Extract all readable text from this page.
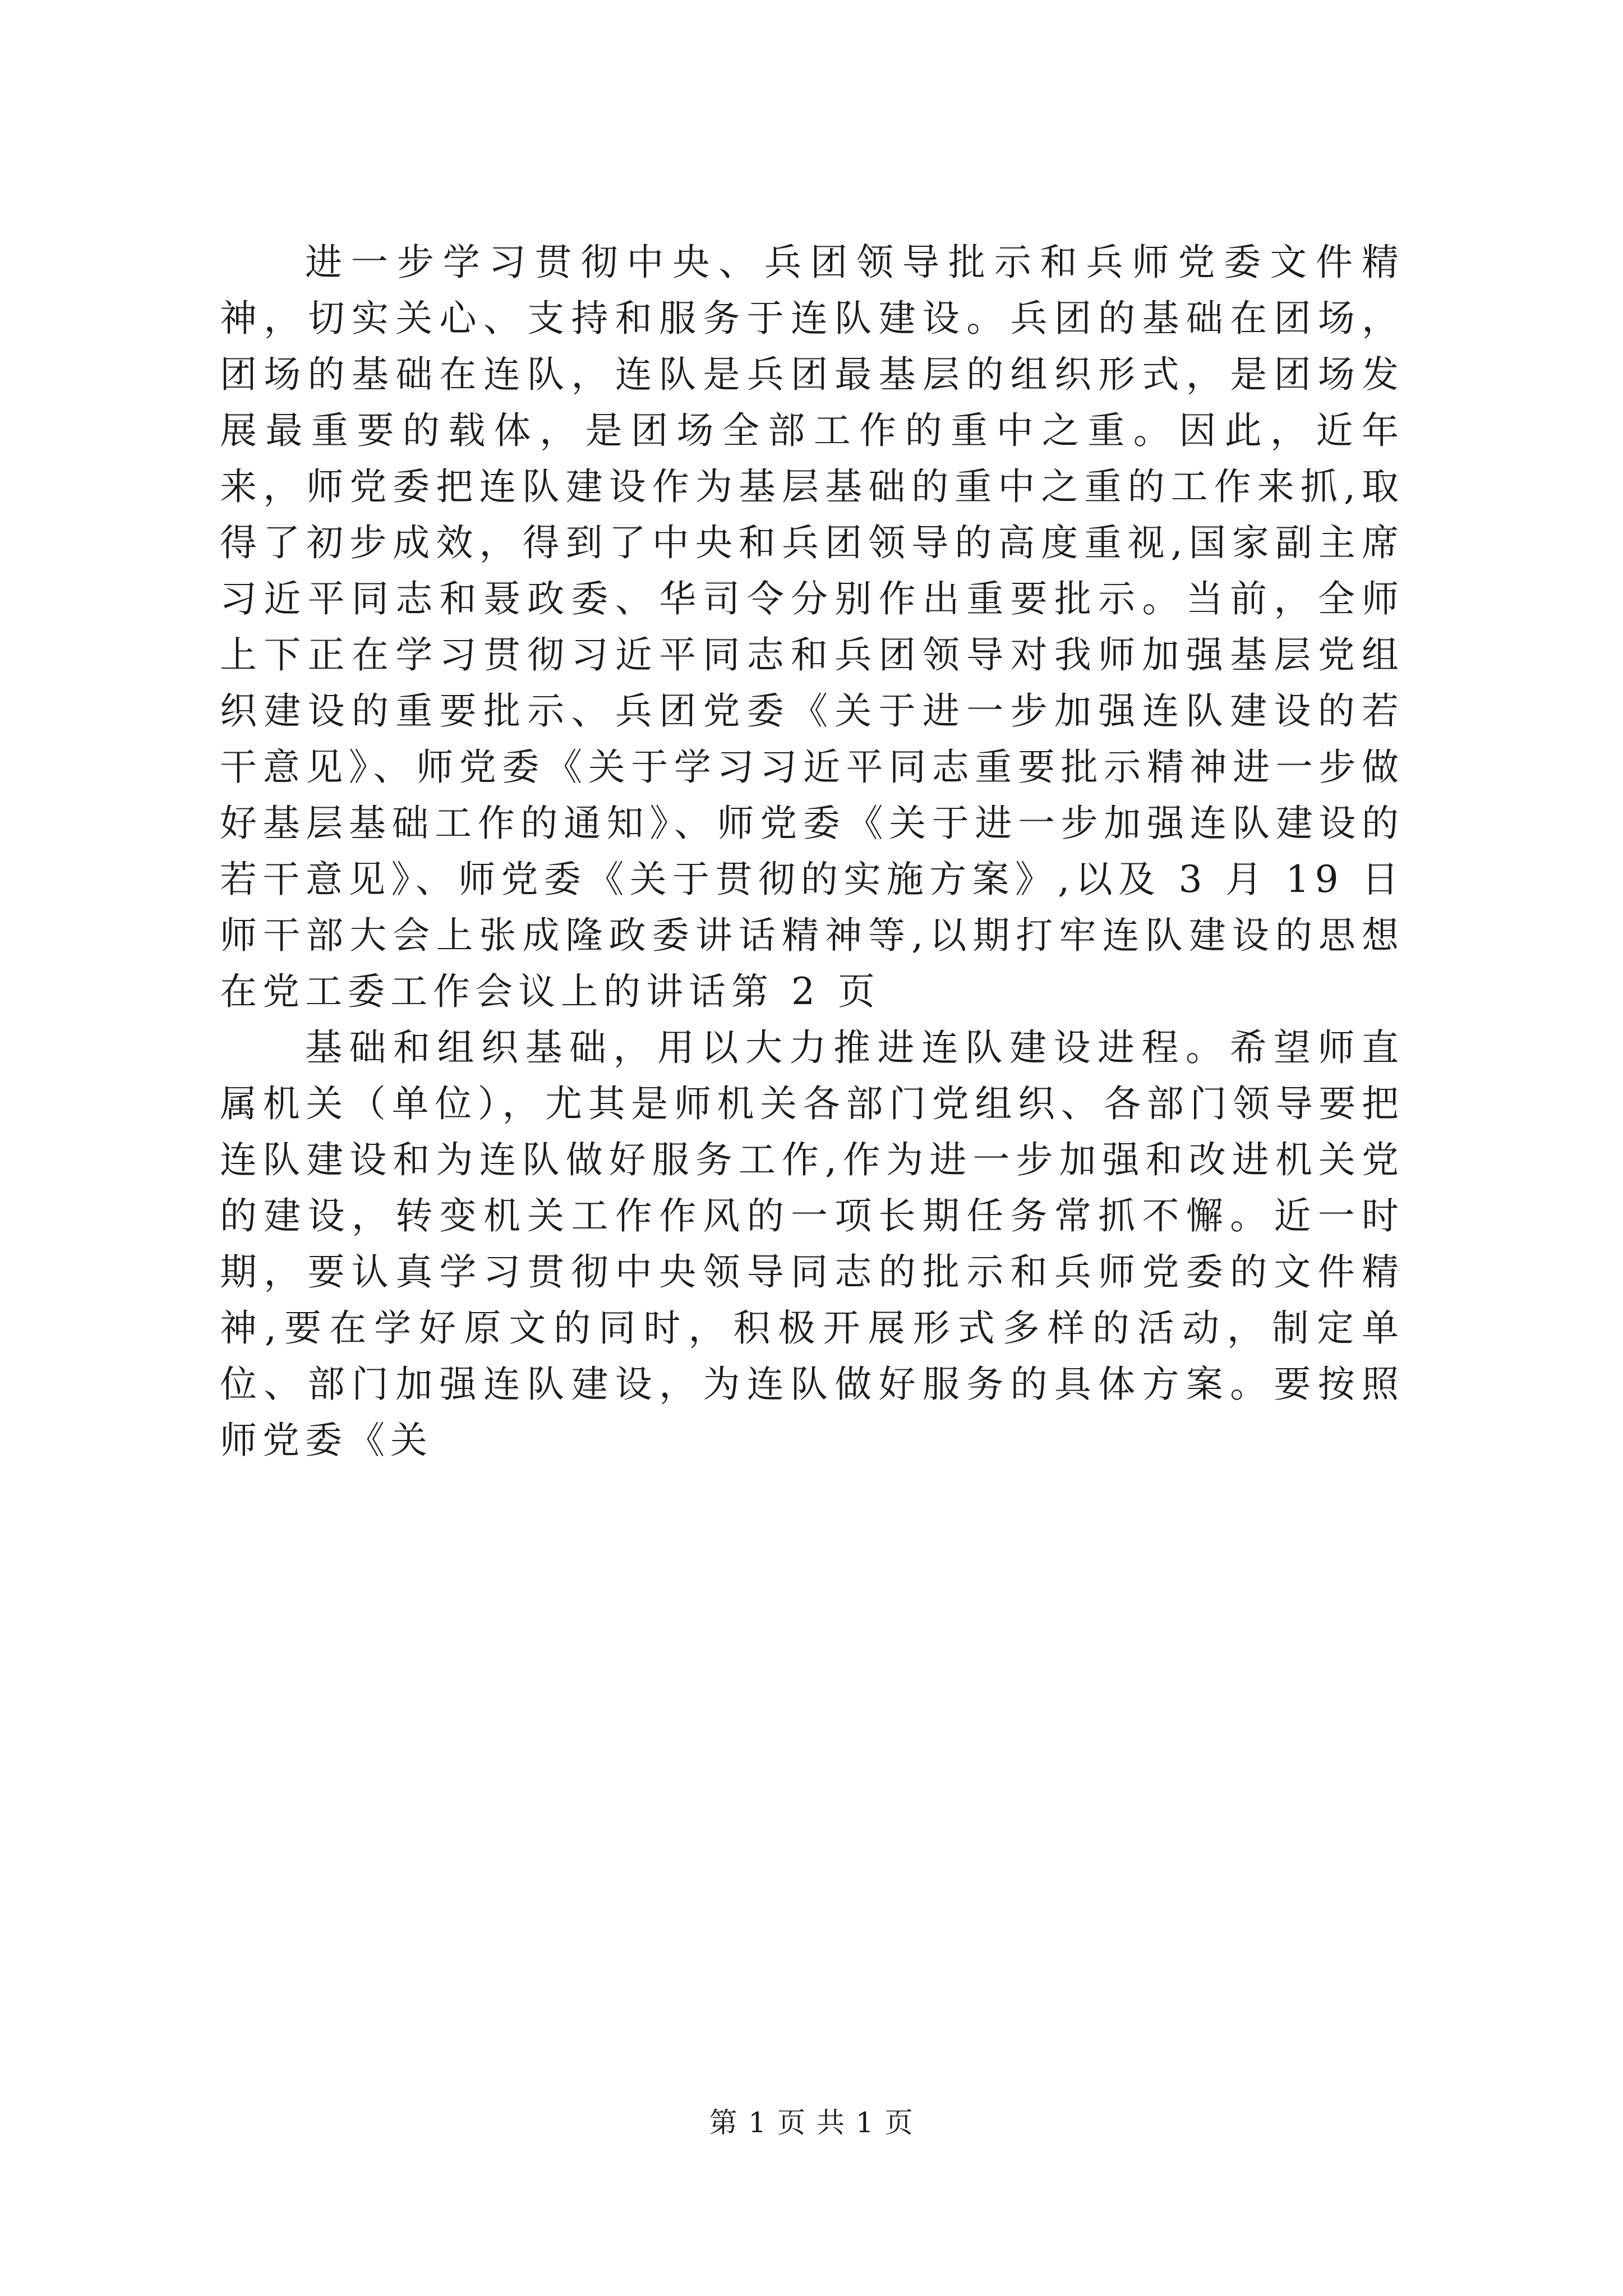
进一步学习贯彻中央、兵团领导批示和兵师党委文件精神，切实关心、支持和服务于连队建设。兵团的基础在团场，团场的基础在连队，连队是兵团最基层的组织形式，是团场发展最重要的载体，是团场全部工作的重中之重。因此，近年来，师党委把连队建设作为基层基础的重中之重的工作来抓,取得了初步成效，得到了中央和兵团领导的高度重视,国家副主席习近平同志和聂政委、华司令分别作出重要批示。当前，全师上下正在学习贯彻习近平同志和兵团领导对我师加强基层党组织建设的重要批示、兵团党委《关于进一步加强连队建设的若干意见》、师党委《关于学习习近平同志重要批示精神进一步做好基层基础工作的通知》、师党委《关于进一步加强连队建设的若干意见》、师党委《关于贯彻的实施方案》,以及 3 月 19 日师干部大会上张成隆政委讲话精神等,以期打牢连队建设的思想在党工委工作会议上的讲话第 2 页

基础和组织基础，用以大力推进连队建设进程。希望师直属机关（单位），尤其是师机关各部门党组织、各部门领导要把连队建设和为连队做好服务工作,作为进一步加强和改进机关党的建设，转变机关工作作风的一项长期任务常抓不懈。近一时期，要认真学习贯彻中央领导同志的批示和兵师党委的文件精神,要在学好原文的同时，积极开展形式多样的活动，制定单位、部门加强连队建设，为连队做好服务的具体方案。要按照师党委《关

第 1 页 共 1 页
